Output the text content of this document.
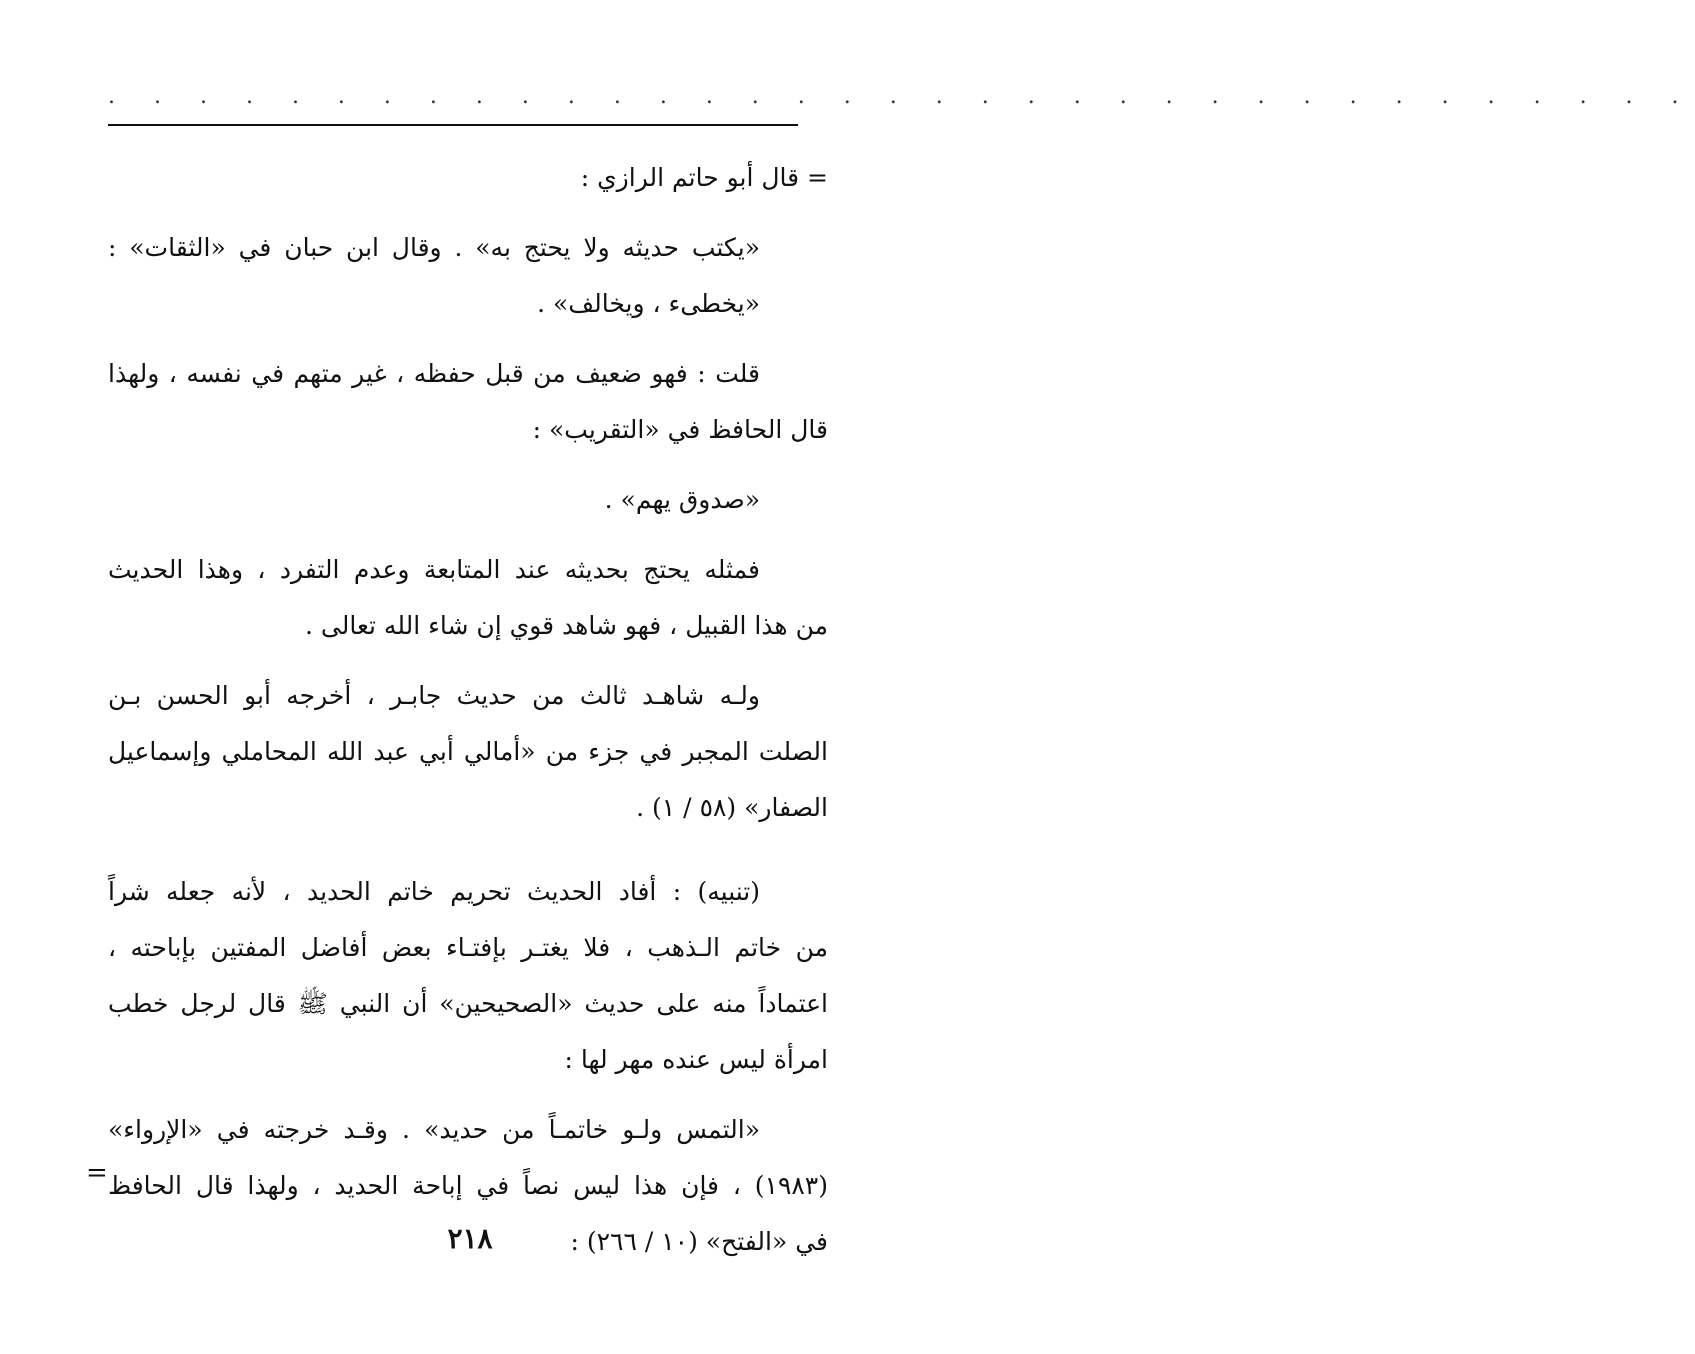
. . . . . . . . . . . . . . . . . . . . . . . . . . . . . . . . . . .
= قال أبو حاتم الرازي :
«يكتب حديثه ولا يحتج به» . وقال ابن حبان في «الثقات» :
«يخطىء ، ويخالف» .
قلت : فهو ضعيف من قبل حفظه ، غير متهم في نفسه ، ولهذا
قال الحافظ في «التقريب» :
«صدوق يهم» .
فمثله يحتج بحديثه عند المتابعة وعدم التفرد ، وهذا الحديث
من هذا القبيل ، فهو شاهد قوي إن شاء الله تعالى .
ولـه شاهـد ثالث من حديث جابـر ، أخرجه أبو الحسن بـن
الصلت المجبر في جزء من «أمالي أبي عبد الله المحاملي وإسماعيل
الصفار» (٥٨ / ١) .
(تنبيه) : أفاد الحديث تحريم خاتم الحديد ، لأنه جعله شراً
من خاتم الـذهب ، فلا يغتـر بإفتـاء بعض أفاضل المفتين بإباحته ،
اعتماداً منه على حديث «الصحيحين» أن النبي ﷺ قال لرجل خطب
امرأة ليس عنده مهر لها :
«التمس ولـو خاتمـاً من حديد» . وقـد خرجته في «الإرواء»
(١٩٨٣) ، فإن هذا ليس نصاً في إباحة الحديد ، ولهذا قال الحافظ
في «الفتح» (١٠ / ٢٦٦) :
=
٢١٨
